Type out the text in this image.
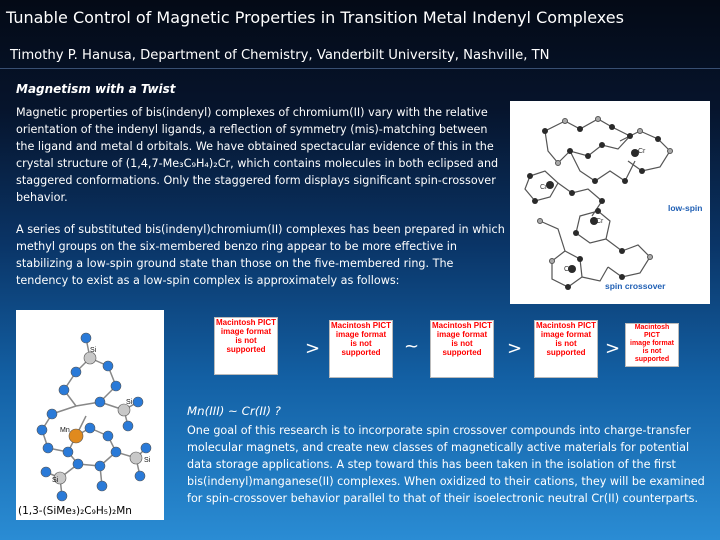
Tunable Control of Magnetic Properties in Transition Metal Indenyl Complexes
Timothy P. Hanusa, Department of Chemistry, Vanderbilt University, Nashville, TN
Magnetism with a Twist
Magnetic properties of bis(indenyl) complexes of chromium(II) vary with the relative orientation of the indenyl ligands, a reflection of symmetry (mis)-matching between the ligand and metal d orbitals. We have obtained spectacular evidence of this in the crystal structure of (1,4,7-Me₃C₉H₄)₂Cr, which contains molecules in both eclipsed and staggered conformations. Only the staggered form displays significant spin-crossover behavior.
A series of substituted bis(indenyl)chromium(II) complexes has been prepared in which methyl groups on the six-membered benzo ring appear to be more effective in stabilizing a low-spin ground state than those on the five-membered ring. The tendency to exist as a low-spin complex is approximately as follows:
Cr
Cr
Cr
Cr
low-spin
spin crossover
Macintosh PICT
image format
is not supported	>
Macintosh PICT
image format
is not supported	~
Macintosh PICT
image format
is not supported	>
Macintosh PICT
image format
is not supported	>
Macintosh PICT
image format
is not supported
Si
Si
Si
Si
Mn
(1,3-(SiMe₃)₂C₉H₅)₂Mn
Mn(III) ~ Cr(II) ?
One goal of this research is to incorporate spin crossover compounds into charge-transfer molecular magnets, and create new classes of magnetically active materials for potential data storage applications. A step toward this has been taken in the isolation of the first bis(indenyl)manganese(II) complexes. When oxidized to their cations, they will be examined for spin-crossover behavior parallel to that of their isoelectronic neutral Cr(II) counterparts.
